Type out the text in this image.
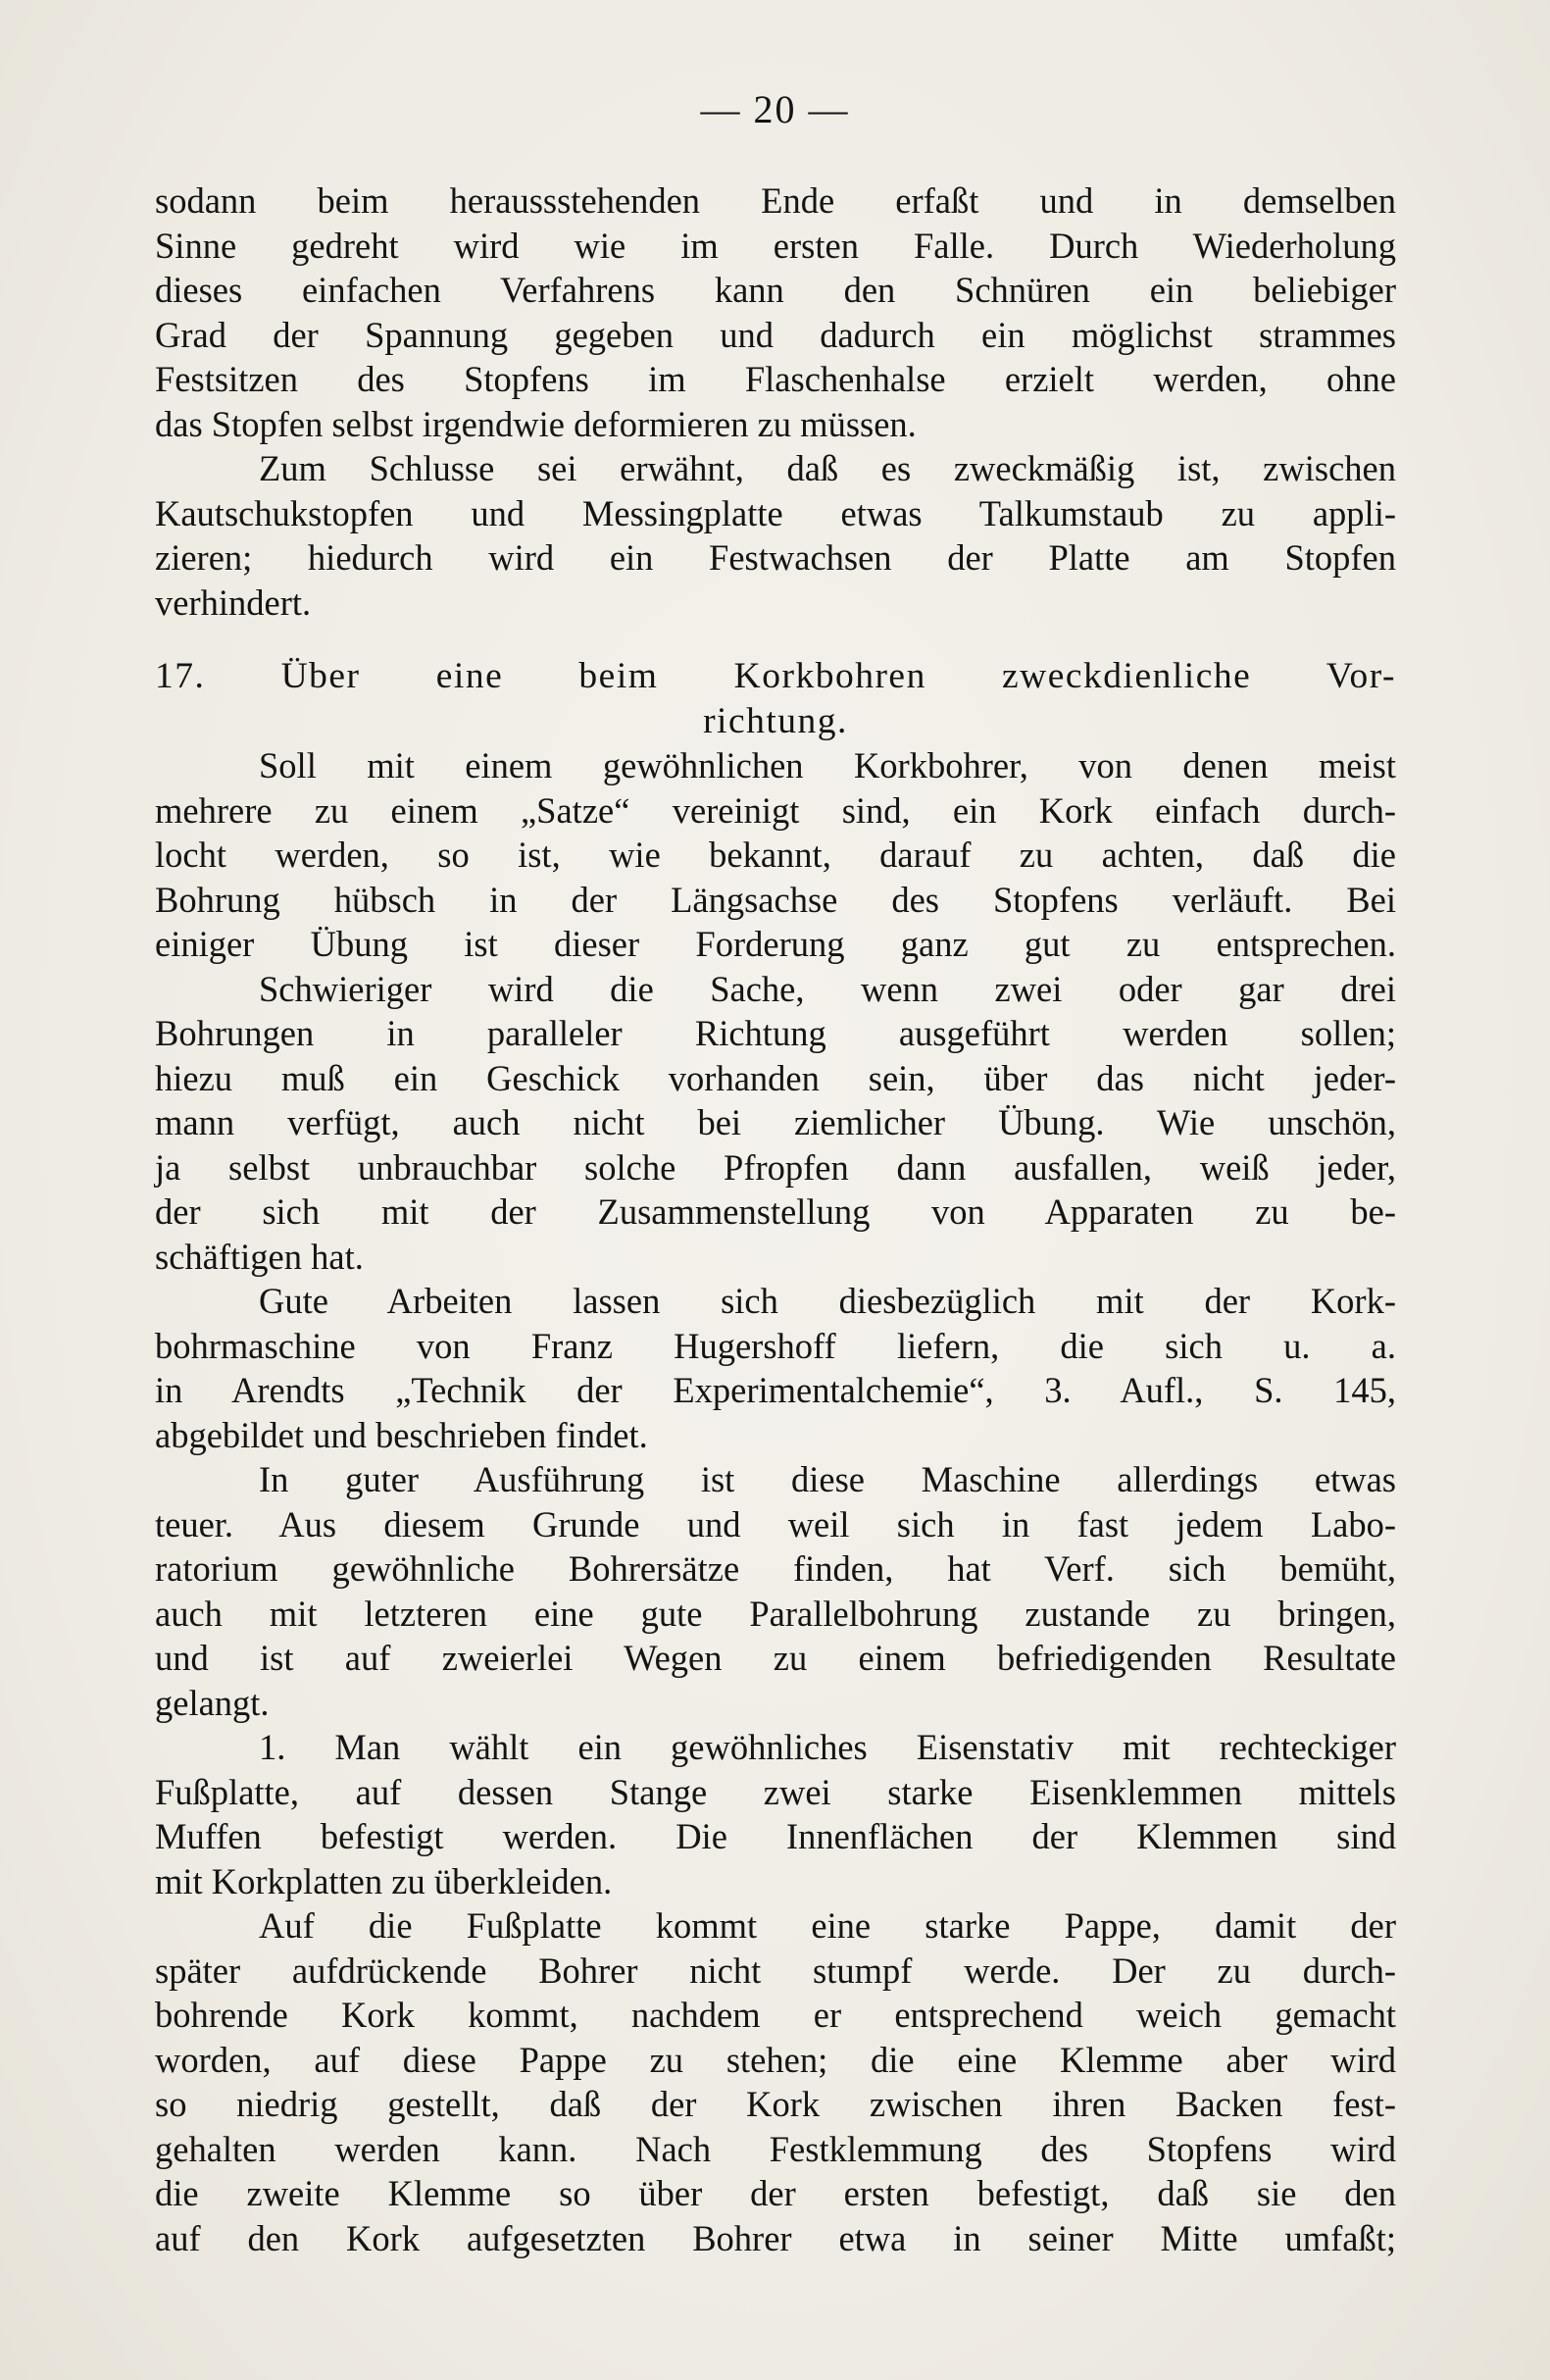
— 20 —
sodann beim heraussstehenden Ende erfaßt und in demselben
Sinne gedreht wird wie im ersten Falle. Durch Wiederholung
dieses einfachen Verfahrens kann den Schnüren ein beliebiger
Grad der Spannung gegeben und dadurch ein möglichst strammes
Festsitzen des Stopfens im Flaschenhalse erzielt werden, ohne
das Stopfen selbst irgendwie deformieren zu müssen.
Zum Schlusse sei erwähnt, daß es zweckmäßig ist, zwischen
Kautschukstopfen und Messingplatte etwas Talkumstaub zu appli-
zieren; hiedurch wird ein Festwachsen der Platte am Stopfen
verhindert.
17. Über eine beim Korkbohren zweckdienliche Vor-
richtung.
Soll mit einem gewöhnlichen Korkbohrer, von denen meist
mehrere zu einem „Satze“ vereinigt sind, ein Kork einfach durch-
locht werden, so ist, wie bekannt, darauf zu achten, daß die
Bohrung hübsch in der Längsachse des Stopfens verläuft. Bei
einiger Übung ist dieser Forderung ganz gut zu entsprechen.
Schwieriger wird die Sache, wenn zwei oder gar drei
Bohrungen in paralleler Richtung ausgeführt werden sollen;
hiezu muß ein Geschick vorhanden sein, über das nicht jeder-
mann verfügt, auch nicht bei ziemlicher Übung. Wie unschön,
ja selbst unbrauchbar solche Pfropfen dann ausfallen, weiß jeder,
der sich mit der Zusammenstellung von Apparaten zu be-
schäftigen hat.
Gute Arbeiten lassen sich diesbezüglich mit der Kork-
bohrmaschine von Franz Hugershoff liefern, die sich u. a.
in Arendts „Technik der Experimentalchemie“, 3. Aufl., S. 145,
abgebildet und beschrieben findet.
In guter Ausführung ist diese Maschine allerdings etwas
teuer. Aus diesem Grunde und weil sich in fast jedem Labo-
ratorium gewöhnliche Bohrersätze finden, hat Verf. sich bemüht,
auch mit letzteren eine gute Parallelbohrung zustande zu bringen,
und ist auf zweierlei Wegen zu einem befriedigenden Resultate
gelangt.
1. Man wählt ein gewöhnliches Eisenstativ mit rechteckiger
Fußplatte, auf dessen Stange zwei starke Eisenklemmen mittels
Muffen befestigt werden. Die Innenflächen der Klemmen sind
mit Korkplatten zu überkleiden.
Auf die Fußplatte kommt eine starke Pappe, damit der
später aufdrückende Bohrer nicht stumpf werde. Der zu durch-
bohrende Kork kommt, nachdem er entsprechend weich gemacht
worden, auf diese Pappe zu stehen; die eine Klemme aber wird
so niedrig gestellt, daß der Kork zwischen ihren Backen fest-
gehalten werden kann. Nach Festklemmung des Stopfens wird
die zweite Klemme so über der ersten befestigt, daß sie den
auf den Kork aufgesetzten Bohrer etwa in seiner Mitte umfaßt;
